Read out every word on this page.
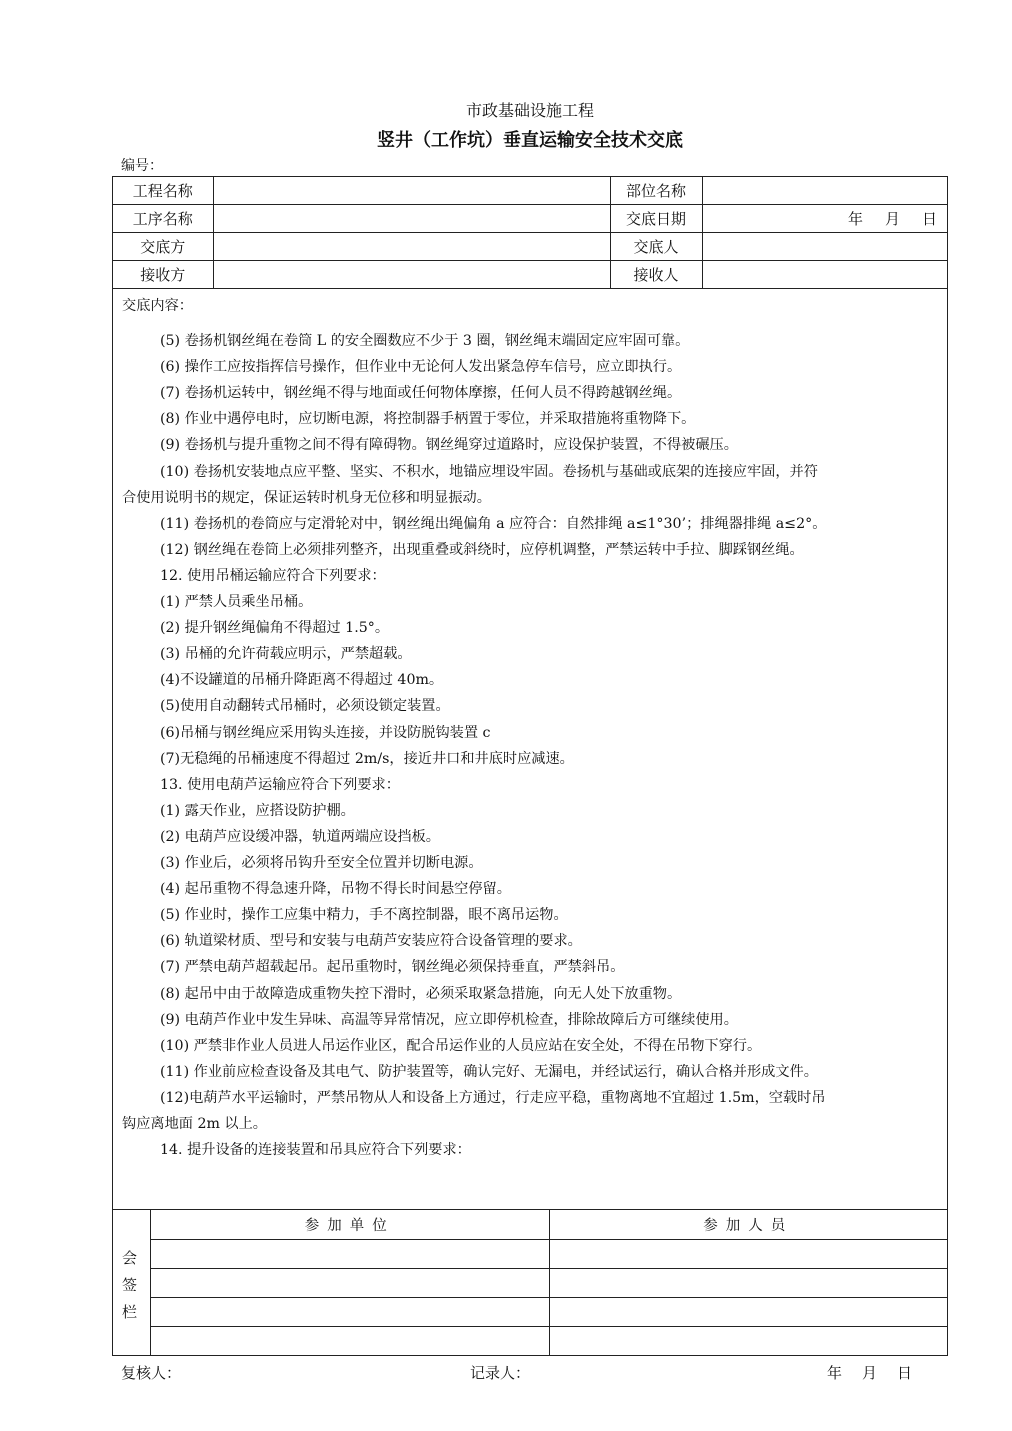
市政基础设施工程
竖井（工作坑）垂直运输安全技术交底
编号：
工程名称		部位名称	
工序名称		交底日期	年 月 日
交底方		交底人	
接收方		接收人	
交底内容：
(5) 卷扬机钢丝绳在卷筒 L 的安全圈数应不少于 3 圈，钢丝绳末端固定应牢固可靠。
(6) 操作工应按指挥信号操作，但作业中无论何人发出紧急停车信号，应立即执行。
(7) 卷扬机运转中，钢丝绳不得与地面或任何物体摩擦，任何人员不得跨越钢丝绳。
(8) 作业中遇停电时，应切断电源，将控制器手柄置于零位，并采取措施将重物降下。
(9) 卷扬机与提升重物之间不得有障碍物。钢丝绳穿过道路时，应设保护装置，不得被碾压。
(10) 卷扬机安装地点应平整、坚实、不积水，地锚应埋设牢固。卷扬机与基础或底架的连接应牢固，并符
合使用说明书的规定，保证运转时机身无位移和明显振动。
(11) 卷扬机的卷筒应与定滑轮对中，钢丝绳出绳偏角 a 应符合：自然排绳 a≤1°30’；排绳器排绳 a≤2°。
(12) 钢丝绳在卷筒上必须排列整齐，出现重叠或斜绕时，应停机调整，严禁运转中手拉、脚踩钢丝绳。
12. 使用吊桶运输应符合下列要求：
(1) 严禁人员乘坐吊桶。
(2) 提升钢丝绳偏角不得超过 1.5°。
(3) 吊桶的允许荷载应明示，严禁超载。
(4)不设罐道的吊桶升降距离不得超过 40m。
(5)使用自动翻转式吊桶时，必须设锁定装置。
(6)吊桶与钢丝绳应采用钩头连接，并设防脱钩装置 c
(7)无稳绳的吊桶速度不得超过 2m/s，接近井口和井底时应减速。
13. 使用电葫芦运输应符合下列要求：
(1) 露天作业，应搭设防护棚。
(2) 电葫芦应设缓冲器，轨道两端应设挡板。
(3) 作业后，必须将吊钩升至安全位置并切断电源。
(4) 起吊重物不得急速升降，吊物不得长时间悬空停留。
(5) 作业时，操作工应集中精力，手不离控制器，眼不离吊运物。
(6) 轨道梁材质、型号和安装与电葫芦安装应符合设备管理的要求。
(7) 严禁电葫芦超载起吊。起吊重物时，钢丝绳必须保持垂直，严禁斜吊。
(8) 起吊中由于故障造成重物失控下滑时，必须采取紧急措施，向无人处下放重物。
(9) 电葫芦作业中发生异味、高温等异常情况，应立即停机检查，排除故障后方可继续使用。
(10) 严禁非作业人员进人吊运作业区，配合吊运作业的人员应站在安全处，不得在吊物下穿行。
(11) 作业前应检查设备及其电气、防护装置等，确认完好、无漏电，并经试运行，确认合格并形成文件。
(12)电葫芦水平运输时，严禁吊物从人和设备上方通过，行走应平稳，重物离地不宜超过 1.5m，空载时吊
钩应离地面 2m 以上。
14. 提升设备的连接装置和吊具应符合下列要求：
会
签
栏
参加单位	参加人员

复核人：	记录人：	年 月 日
